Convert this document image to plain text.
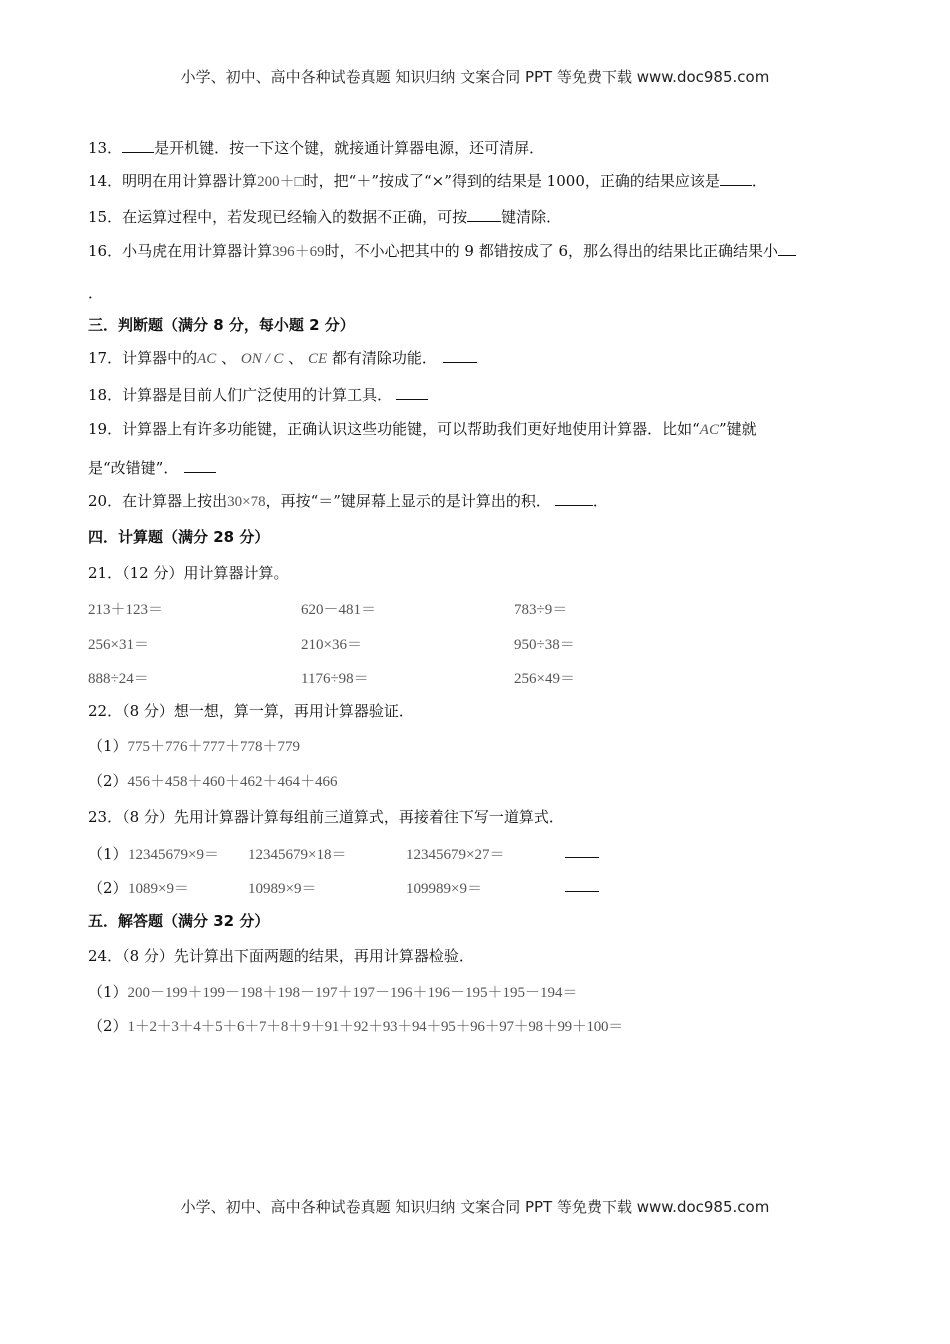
小学、初中、高中各种试卷真题 知识归纳 文案合同 PPT 等免费下载 www.doc985.com
13． 是开机键．按一下这个键，就接通计算器电源，还可清屏．
14．明明在用计算器计算200＋□时，把“＋”按成了“×”得到的结果是 1000，正确的结果应该是 ．
15．在运算过程中，若发现已经输入的数据不正确，可按 键清除．
16．小马虎在用计算器计算396＋69时，不小心把其中的 9 都错按成了 6，那么得出的结果比正确结果小
．
三．判断题（满分 8 分，每小题 2 分）
17．计算器中的AC 、 ON / C 、 CE 都有清除功能．
18．计算器是目前人们广泛使用的计算工具．
19．计算器上有许多功能键，正确认识这些功能键，可以帮助我们更好地使用计算器．比如“AC”键就
是“改错键”．
20．在计算器上按出30×78，再按“＝”键屏幕上显示的是计算出的积．	．
四．计算题（满分 28 分）
21．（12 分）用计算器计算。
213＋123＝	620－481＝	783÷9＝
256×31＝	210×36＝	950÷38＝
888÷24＝	1176÷98＝	256×49＝
22．（8 分）想一想，算一算，再用计算器验证．
（1）775＋776＋777＋778＋779
（2）456＋458＋460＋462＋464＋466
23．（8 分）先用计算器计算每组前三道算式，再接着往下写一道算式．
（1） 12345679×9＝ 12345679×18＝	12345679×27＝
（2） 1089×9＝	10989×9＝	109989×9＝
五．解答题（满分 32 分）
24．（8 分）先计算出下面两题的结果，再用计算器检验．
（1）200－199＋199－198＋198－197＋197－196＋196－195＋195－194＝
（2）1＋2＋3＋4＋5＋6＋7＋8＋9＋91＋92＋93＋94＋95＋96＋97＋98＋99＋100＝
小学、初中、高中各种试卷真题 知识归纳 文案合同 PPT 等免费下载 www.doc985.com
